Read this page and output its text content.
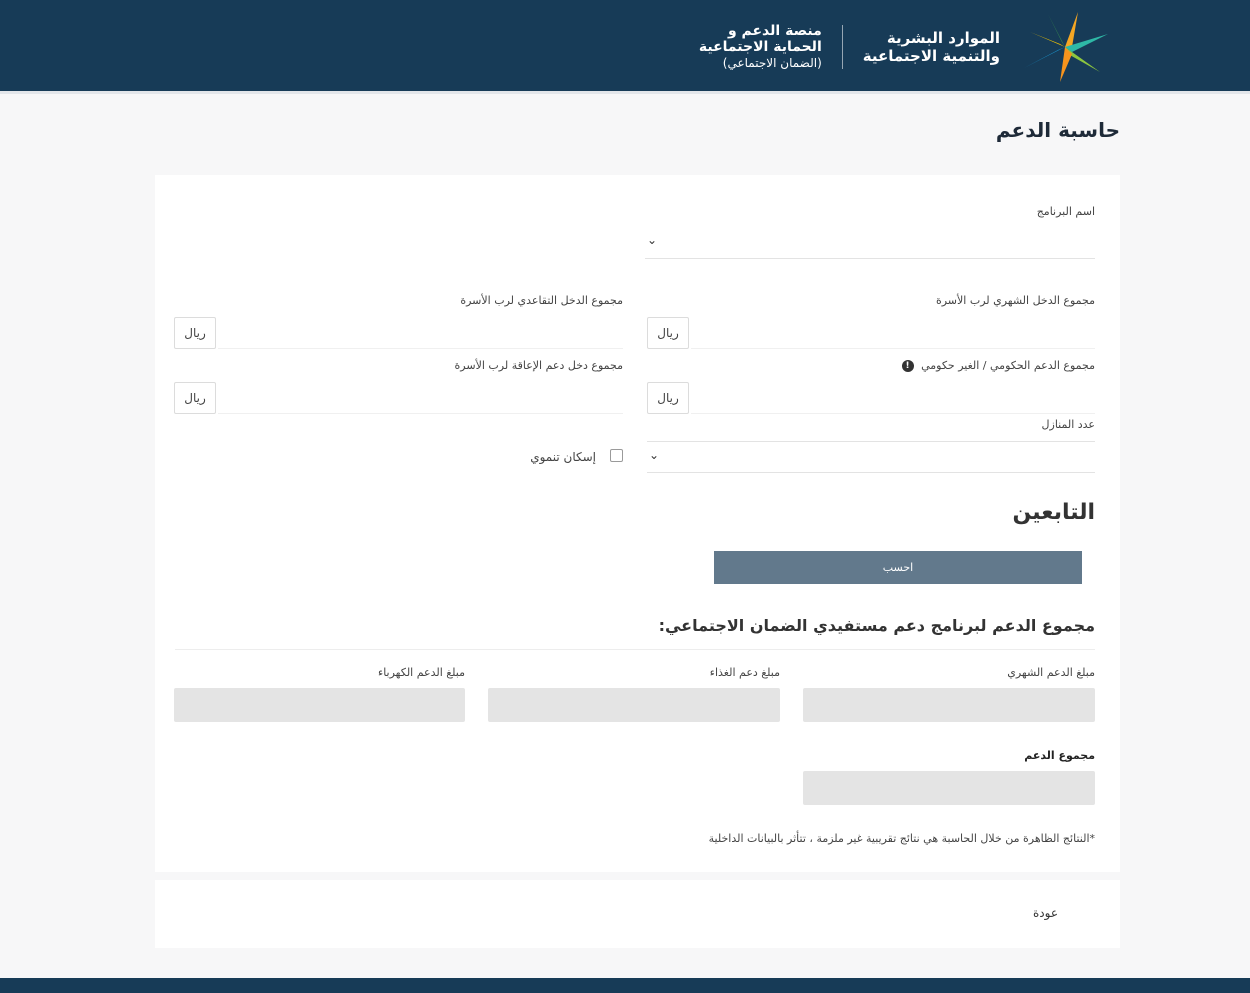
الموارد البشرية
والتنمية الاجتماعية
منصة الدعم و
الحماية الاجتماعية
(الضمان الاجتماعي)
حاسبة الدعم
اسم البرنامج
⌄
مجموع الدخل الشهري لرب الأسرة
مجموع الدخل التقاعدي لرب الأسرة
ريال
ريال
مجموع الدعم الحكومي / الغير حكومي !
مجموع دخل دعم الإعاقة لرب الأسرة
ريال
ريال
عدد المنازل
⌄
إسكان تنموي
التابعين
احسب
مجموع الدعم لبرنامج دعم مستفيدي الضمان الاجتماعي:
مبلغ الدعم الشهري
مبلغ دعم الغذاء
مبلغ الدعم الكهرباء
مجموع الدعم

*النتائج الظاهرة من خلال الحاسبة هي نتائج تقريبية غير ملزمة ، تتأثر بالبيانات الداخلية

عودة
